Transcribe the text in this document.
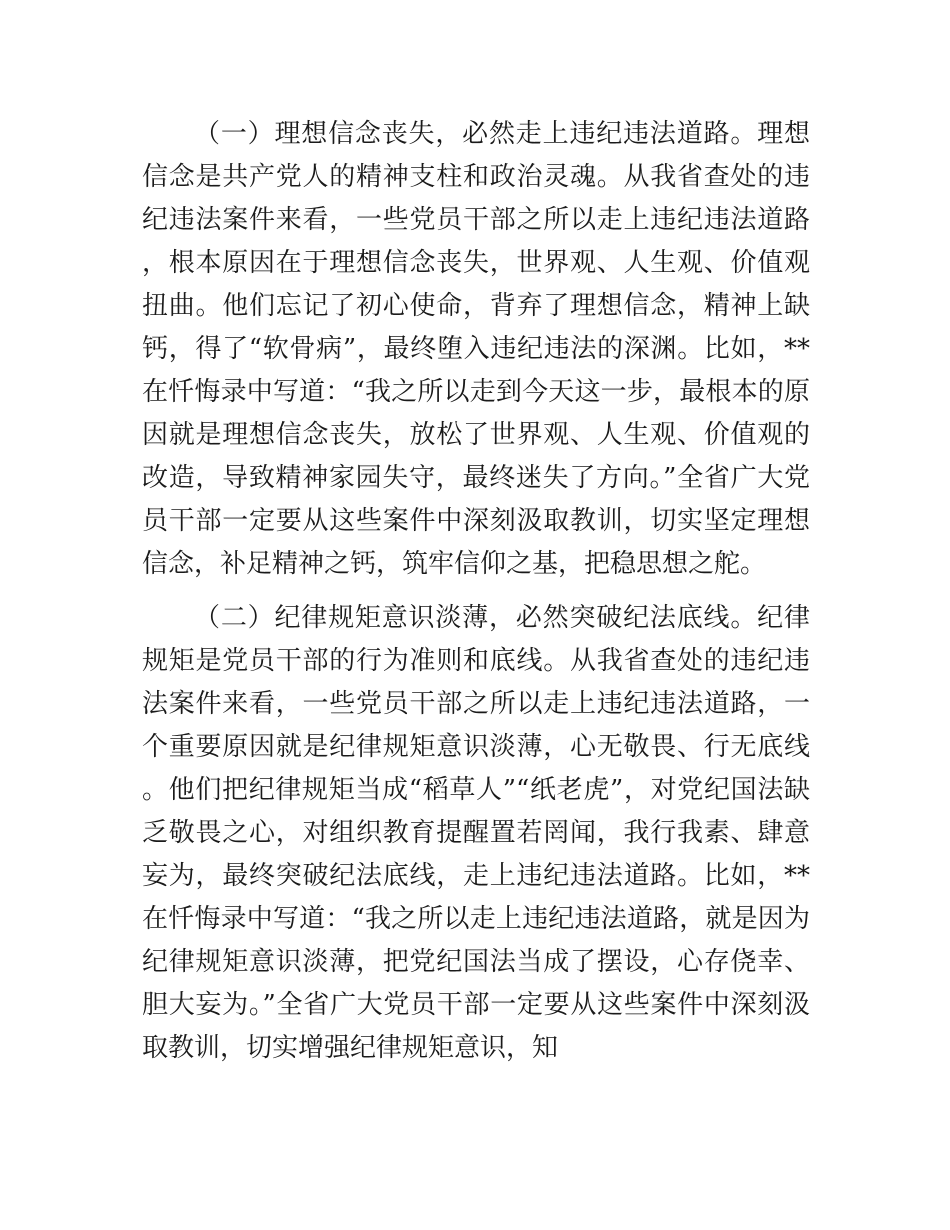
（一）理想信念丧失，必然走上违纪违法道路。理想信念是共产党人的精神支柱和政治灵魂。从我省查处的违纪违法案件来看，一些党员干部之所以走上违纪违法道路，根本原因在于理想信念丧失，世界观、人生观、价值观扭曲。他们忘记了初心使命，背弃了理想信念，精神上缺钙，得了“软骨病”，最终堕入违纪违法的深渊。比如，**在忏悔录中写道：“我之所以走到今天这一步，最根本的原因就是理想信念丧失，放松了世界观、人生观、价值观的改造，导致精神家园失守，最终迷失了方向。”全省广大党员干部一定要从这些案件中深刻汲取教训，切实坚定理想信念，补足精神之钙，筑牢信仰之基，把稳思想之舵。

（二）纪律规矩意识淡薄，必然突破纪法底线。纪律规矩是党员干部的行为准则和底线。从我省查处的违纪违法案件来看，一些党员干部之所以走上违纪违法道路，一个重要原因就是纪律规矩意识淡薄，心无敬畏、行无底线。他们把纪律规矩当成“稻草人”“纸老虎”，对党纪国法缺乏敬畏之心，对组织教育提醒置若罔闻，我行我素、肆意妄为，最终突破纪法底线，走上违纪违法道路。比如，**在忏悔录中写道：“我之所以走上违纪违法道路，就是因为纪律规矩意识淡薄，把党纪国法当成了摆设，心存侥幸、胆大妄为。”全省广大党员干部一定要从这些案件中深刻汲取教训，切实增强纪律规矩意识，知
